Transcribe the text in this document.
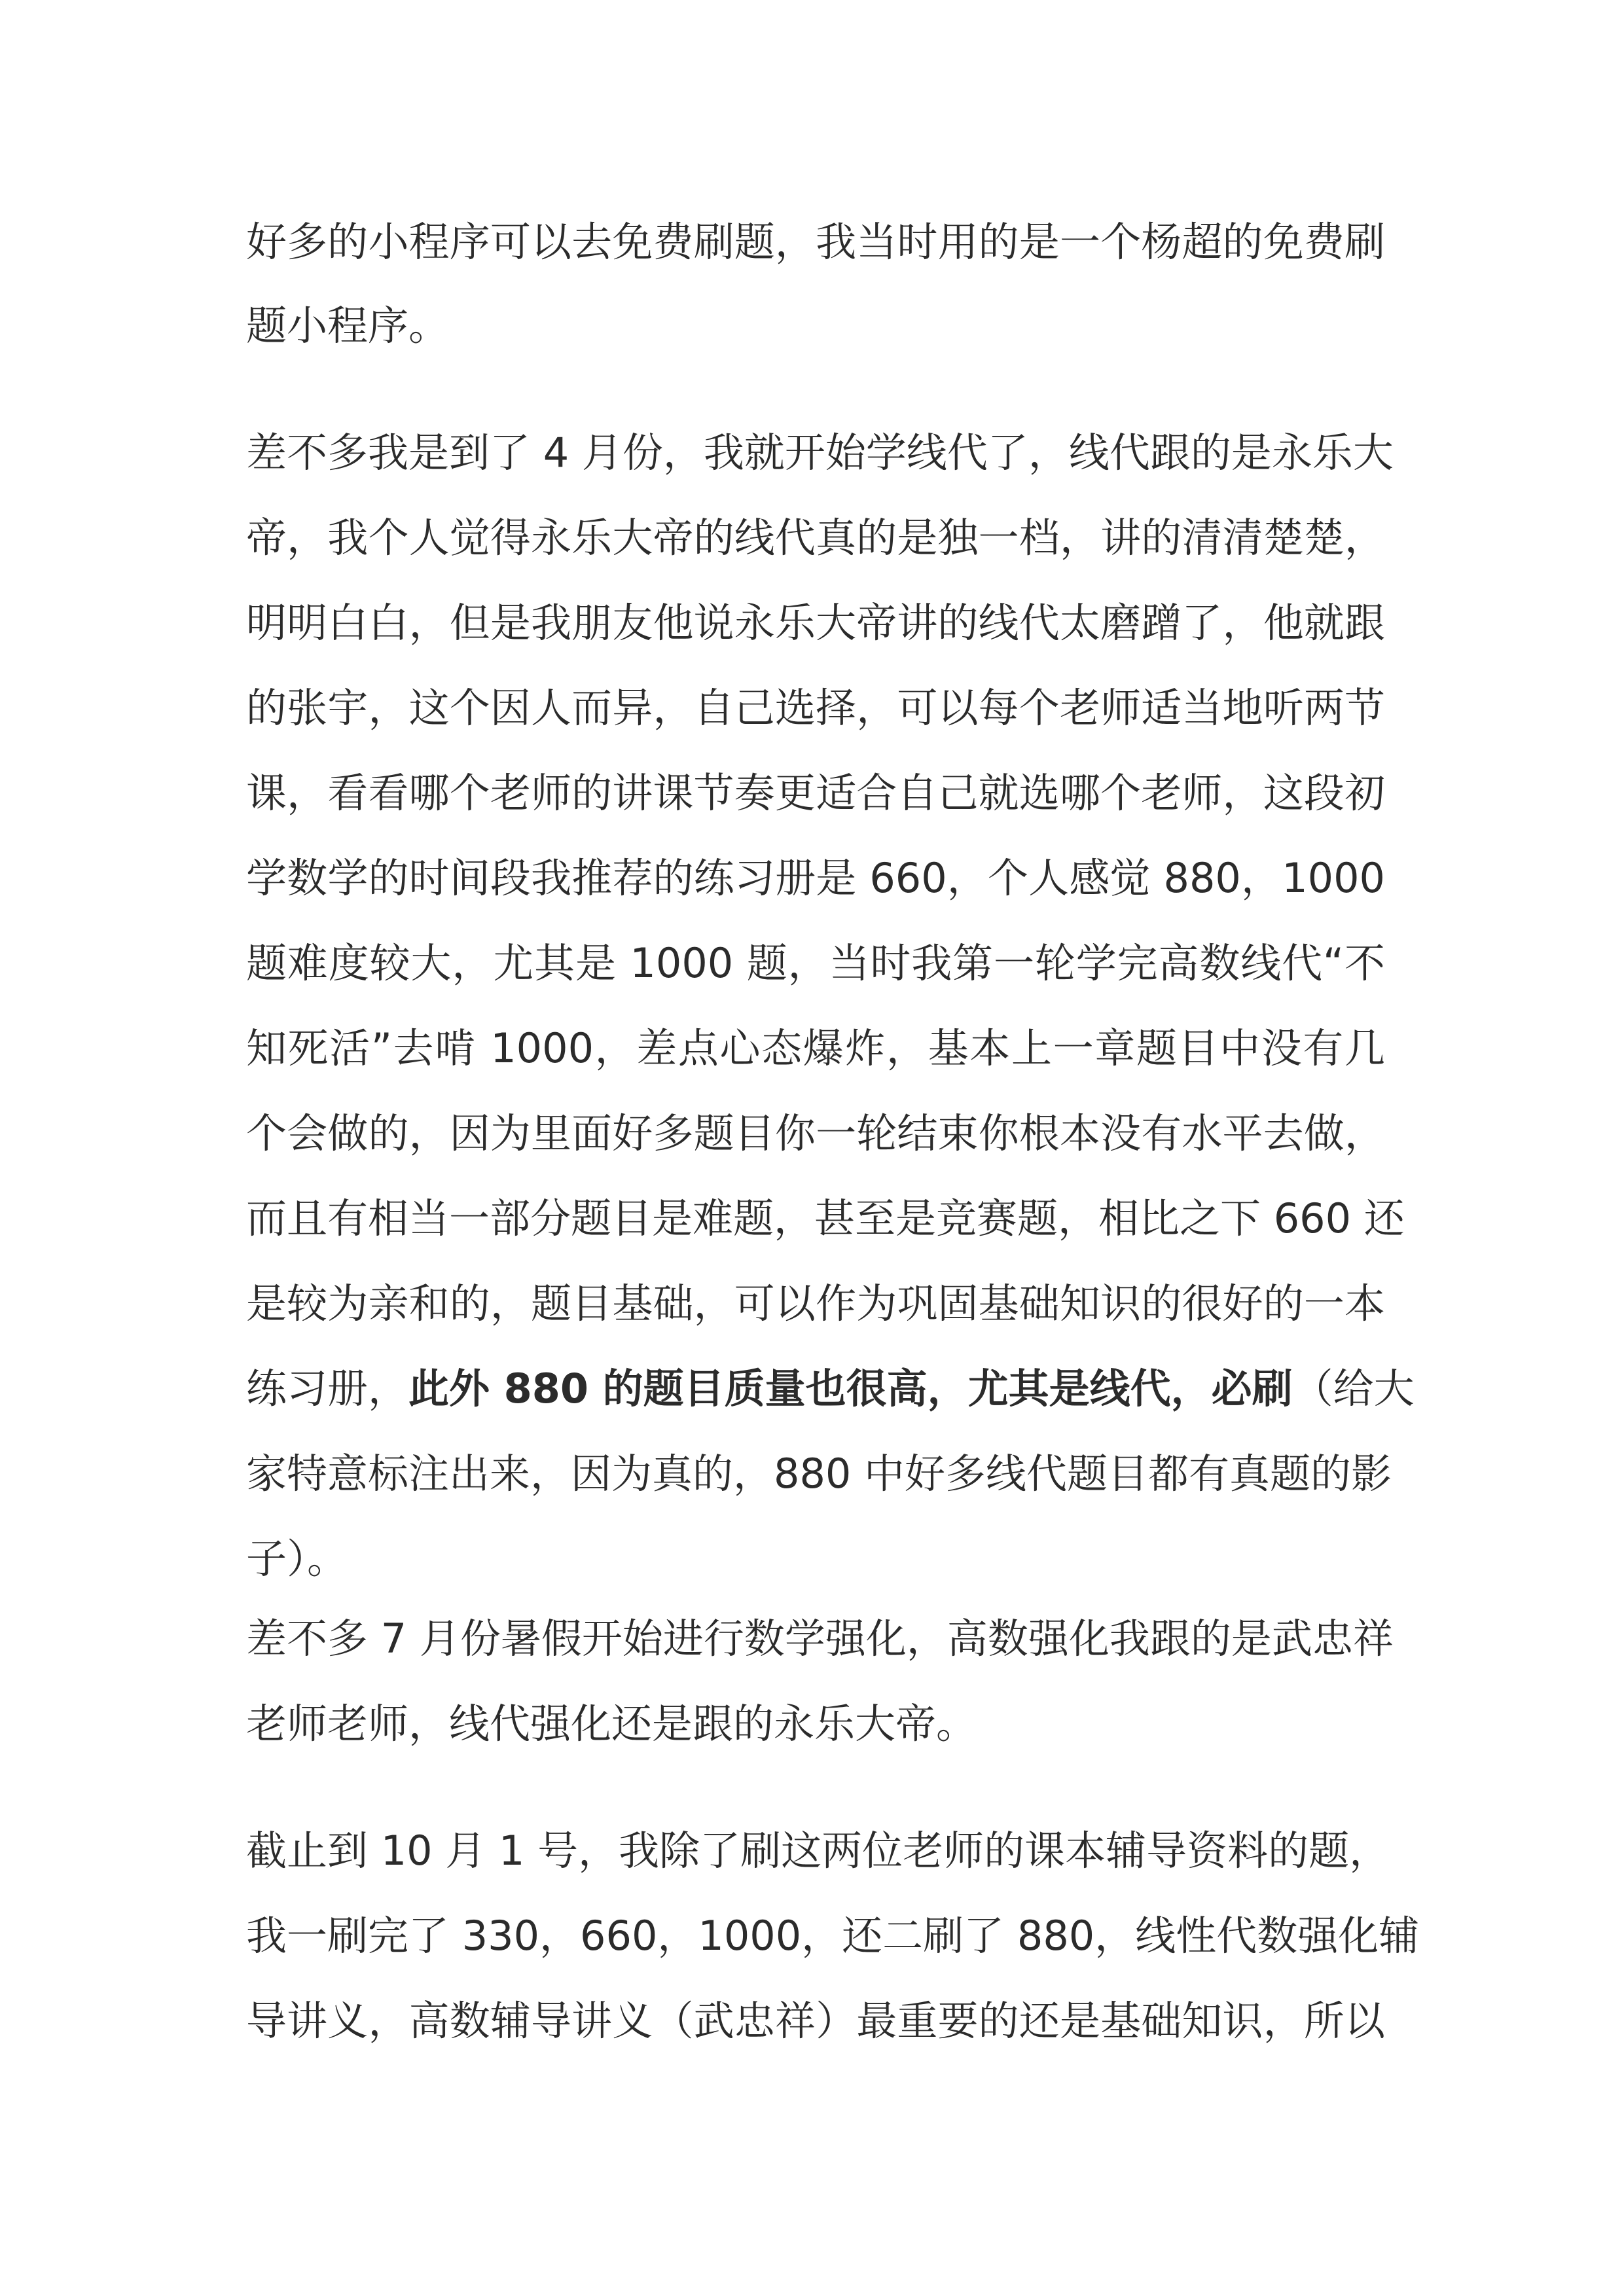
好多的小程序可以去免费刷题，我当时用的是一个杨超的免费刷
题小程序。
差不多我是到了 4 月份，我就开始学线代了，线代跟的是永乐大
帝，我个人觉得永乐大帝的线代真的是独一档，讲的清清楚楚，
明明白白，但是我朋友他说永乐大帝讲的线代太磨蹭了，他就跟
的张宇，这个因人而异，自己选择，可以每个老师适当地听两节
课，看看哪个老师的讲课节奏更适合自己就选哪个老师，这段初
学数学的时间段我推荐的练习册是 660，个人感觉 880，1000
题难度较大，尤其是 1000 题，当时我第一轮学完高数线代“不
知死活”去啃 1000，差点心态爆炸，基本上一章题目中没有几
个会做的，因为里面好多题目你一轮结束你根本没有水平去做，
而且有相当一部分题目是难题，甚至是竞赛题，相比之下 660 还
是较为亲和的，题目基础，可以作为巩固基础知识的很好的一本
练习册，此外 880 的题目质量也很高，尤其是线代，必刷（给大
家特意标注出来，因为真的，880 中好多线代题目都有真题的影
子）。
差不多 7 月份暑假开始进行数学强化，高数强化我跟的是武忠祥
老师老师，线代强化还是跟的永乐大帝。
截止到 10 月 1 号，我除了刷这两位老师的课本辅导资料的题，
我一刷完了 330，660，1000，还二刷了 880，线性代数强化辅
导讲义，高数辅导讲义（武忠祥）最重要的还是基础知识，所以
